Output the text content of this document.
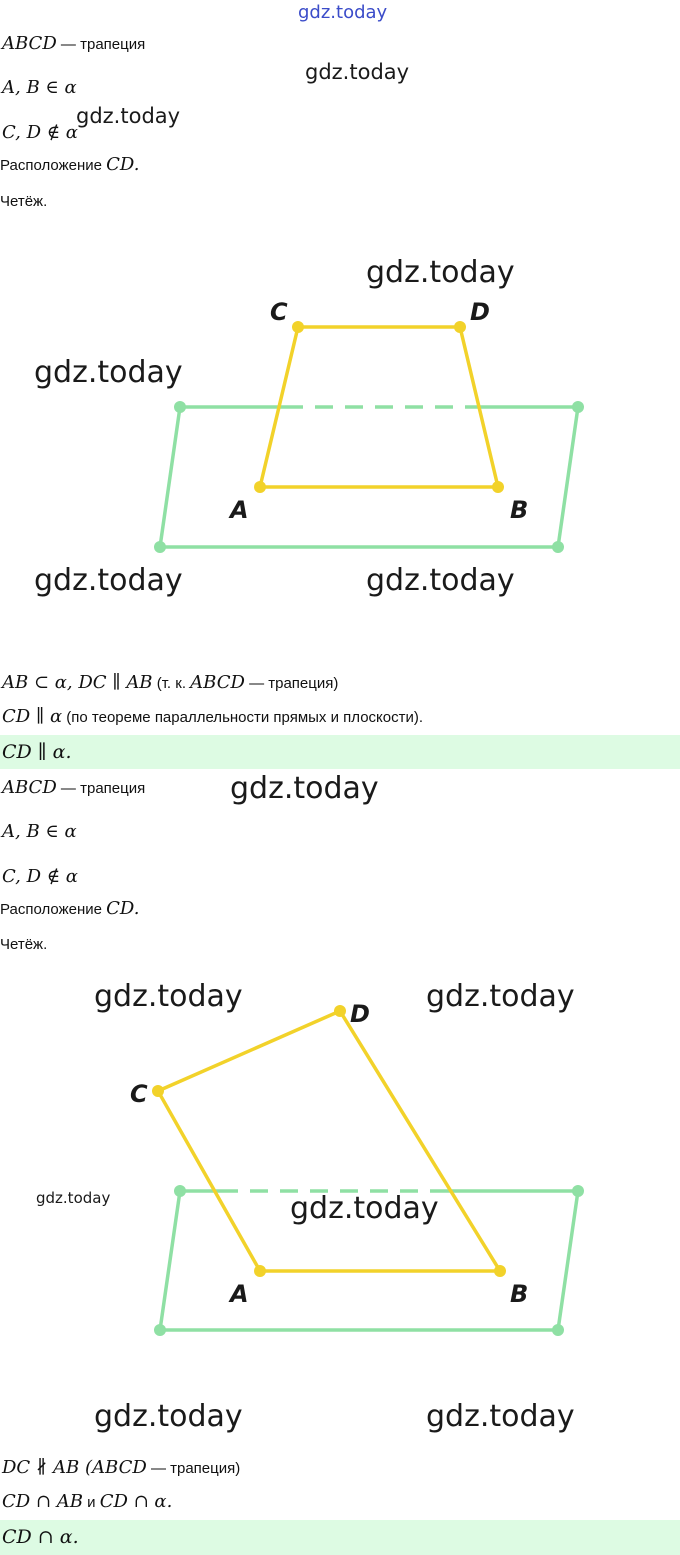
gdz.today
ABCD — трапеция
gdz.today
A, B ∈ α
gdz.today
C, D ∉ α
Расположение CD.
Четёж.
C	D
A	B
gdz.today
gdz.today
gdz.today	gdz.today
AB ⊂ α, DC ∥ AB (т. к. ABCD — трапеция)
CD ∥ α (по теореме параллельности прямых и плоскости).
CD ∥ α.
ABCD — трапеция	gdz.today
A, B ∈ α
C, D ∉ α
Расположение CD.
Четёж.
C
D
A	B
gdz.today	gdz.today
gdz.today	gdz.today
gdz.today	gdz.today
DC ∦ AB (ABCD — трапеция)
CD ∩ AB и CD ∩ α.
CD ∩ α.
